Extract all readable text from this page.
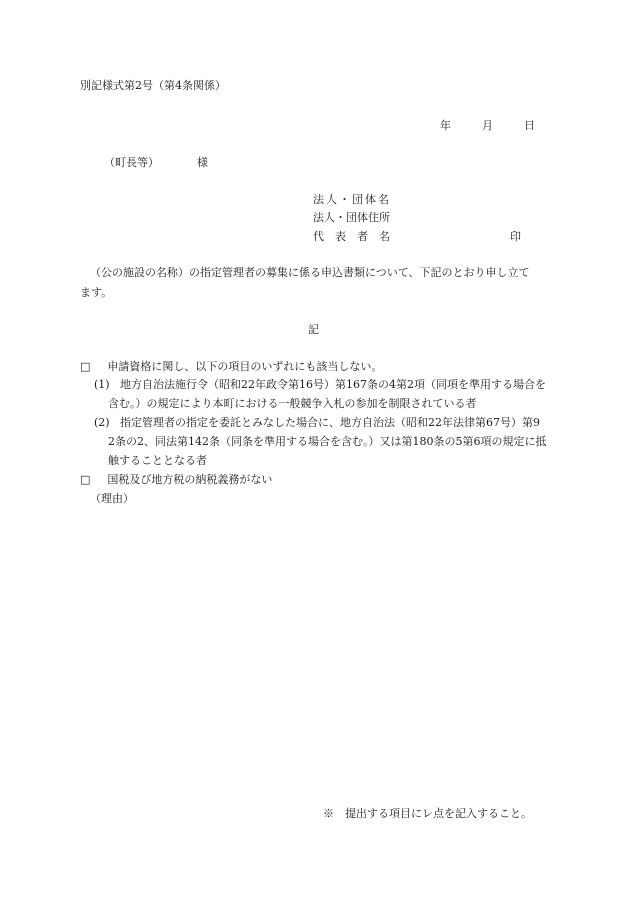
別記様式第2号（第4条関係）
年	月	日
（町長等）	様
法人・団体名
法人・団体住所
代　表　者　名	印
（公の施設の名称）の指定管理者の募集に係る申込書類について、下記のとおり申し立て
ます。
記
□ 申請資格に関し、以下の項目のいずれにも該当しない。
(1) 地方自治法施行令（昭和22年政令第16号）第167条の4第2項（同項を準用する場合を
含む。）の規定により本町における一般競争入札の参加を制限されている者
(2) 指定管理者の指定を委託とみなした場合に、地方自治法（昭和22年法律第67号）第9
2条の2、同法第142条（同条を準用する場合を含む。）又は第180条の5第6項の規定に抵
触することとなる者
□ 国税及び地方税の納税義務がない
（理由）
※　提出する項目にレ点を記入すること。
